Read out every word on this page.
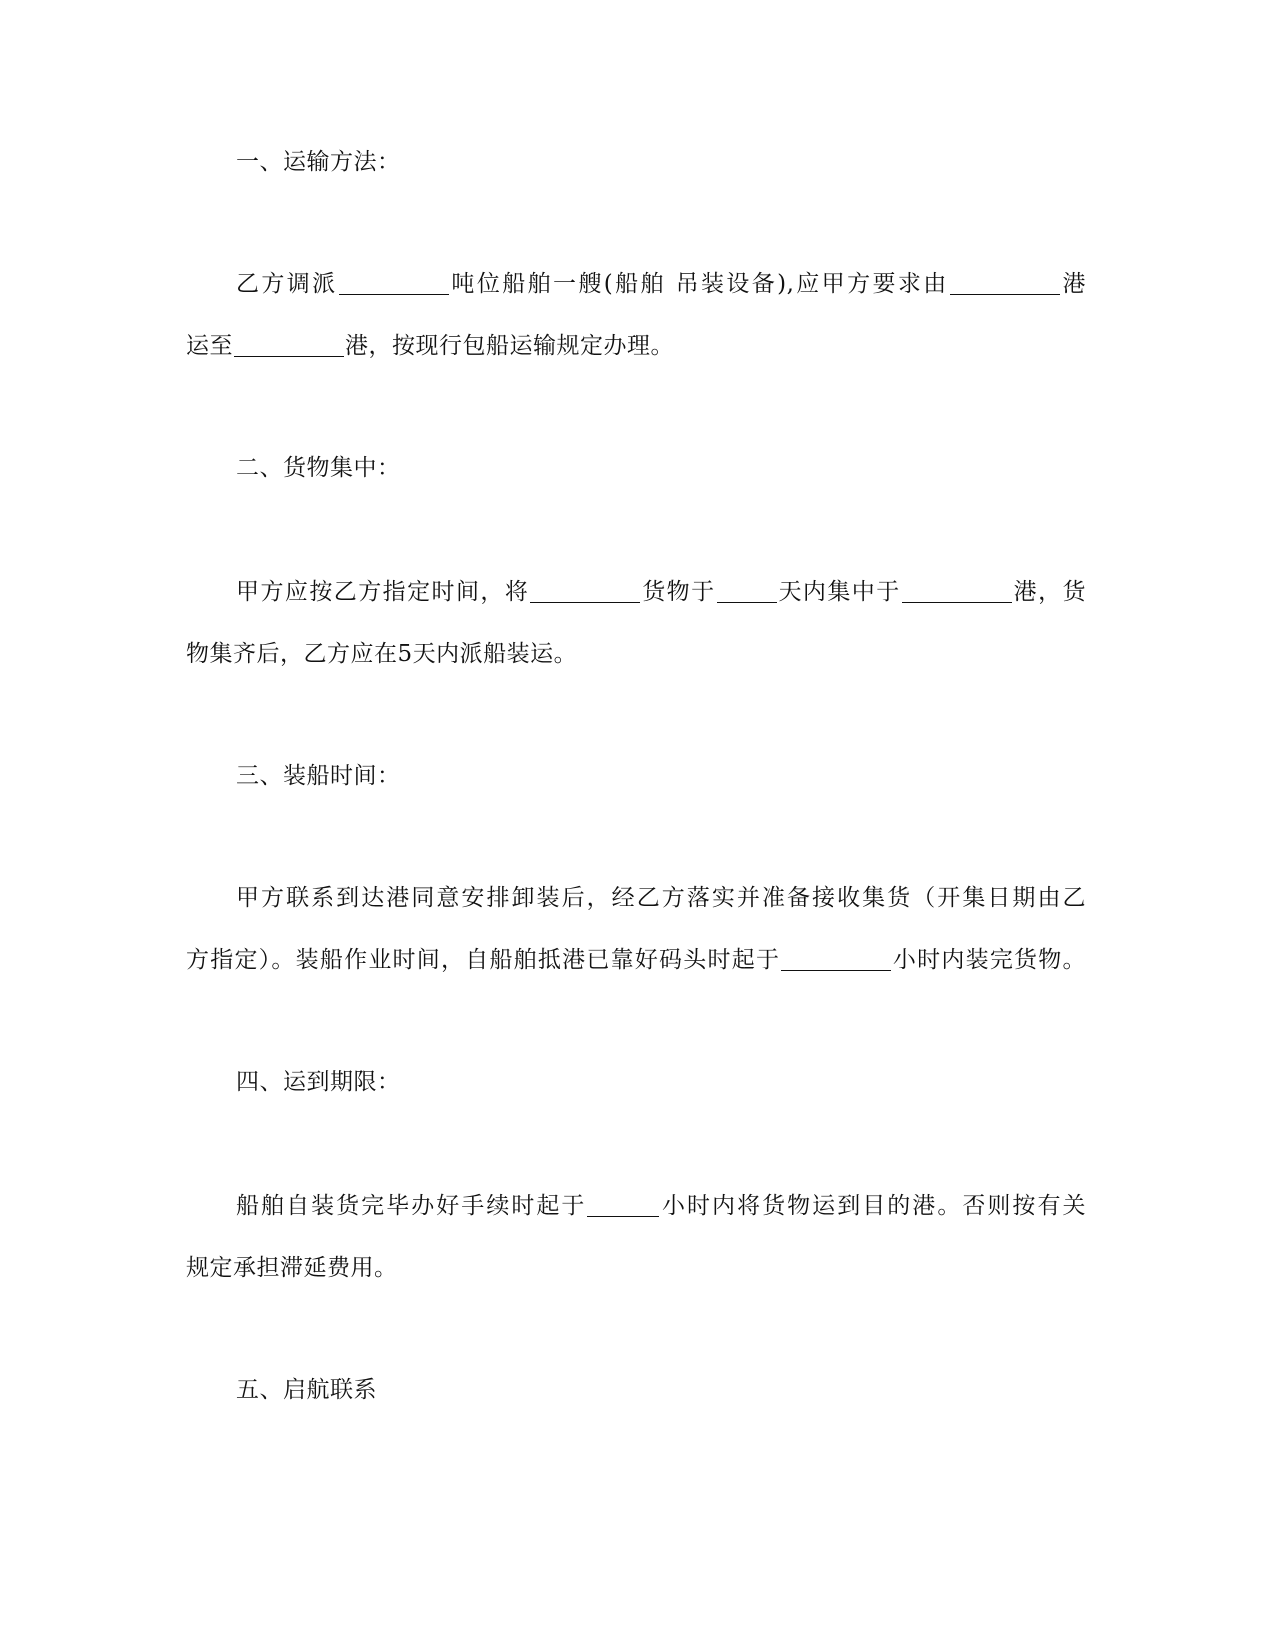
一、运输方法：
乙方调派	吨位船舶一艘(船舶 吊装设备),应甲方要求由	港
运至	港，按现行包船运输规定办理。
二、货物集中：
甲方应按乙方指定时间，将	货物于	天内集中于	港，货
物集齐后，乙方应在5天内派船装运。
三、装船时间：
甲方联系到达港同意安排卸装后，经乙方落实并准备接收集货（开集日期由乙
方指定）。装船作业时间，自船舶抵港已靠好码头时起于	小时内装完货物。
四、运到期限：
船舶自装货完毕办好手续时起于	小时内将货物运到目的港。否则按有关
规定承担滞延费用。
五、启航联系
